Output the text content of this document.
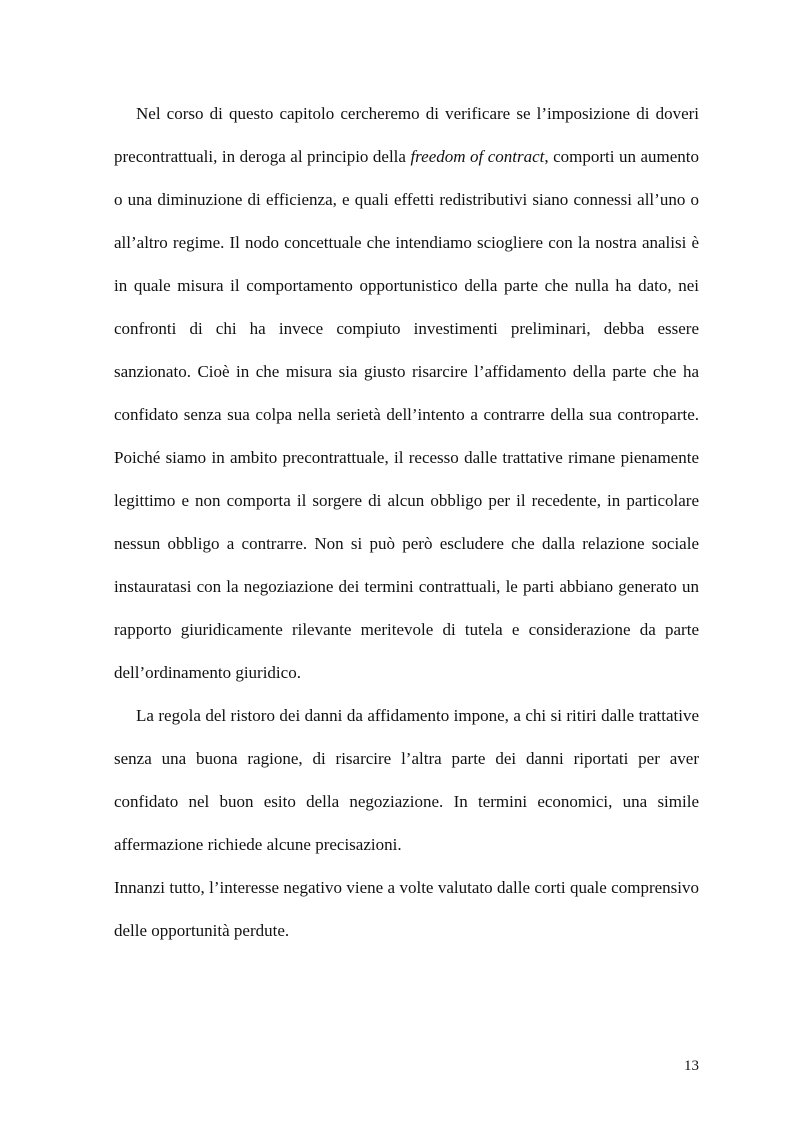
Nel corso di questo capitolo cercheremo di verificare se l’imposizione di doveri precontrattuali, in deroga al principio della freedom of contract, comporti un aumento o una diminuzione di efficienza, e quali effetti redistributivi siano connessi all’uno o all’altro regime. Il nodo concettuale che intendiamo sciogliere con la nostra analisi è in quale misura il comportamento opportunistico della parte che nulla ha dato, nei confronti di chi ha invece compiuto investimenti preliminari, debba essere sanzionato. Cioè in che misura sia giusto risarcire l’affidamento della parte che ha confidato senza sua colpa nella serietà dell’intento a contrarre della sua controparte. Poiché siamo in ambito precontrattuale, il recesso dalle trattative rimane pienamente legittimo e non comporta il sorgere di alcun obbligo per il recedente, in particolare nessun obbligo a contrarre. Non si può però escludere che dalla relazione sociale instauratasi con la negoziazione dei termini contrattuali, le parti abbiano generato un rapporto giuridicamente rilevante meritevole di tutela e considerazione da parte dell’ordinamento giuridico.

La regola del ristoro dei danni da affidamento impone, a chi si ritiri dalle trattative senza una buona ragione, di risarcire l’altra parte dei danni riportati per aver confidato nel buon esito della negoziazione. In termini economici, una simile affermazione richiede alcune precisazioni.

Innanzi tutto, l’interesse negativo viene a volte valutato dalle corti quale comprensivo delle opportunità perdute.

13
